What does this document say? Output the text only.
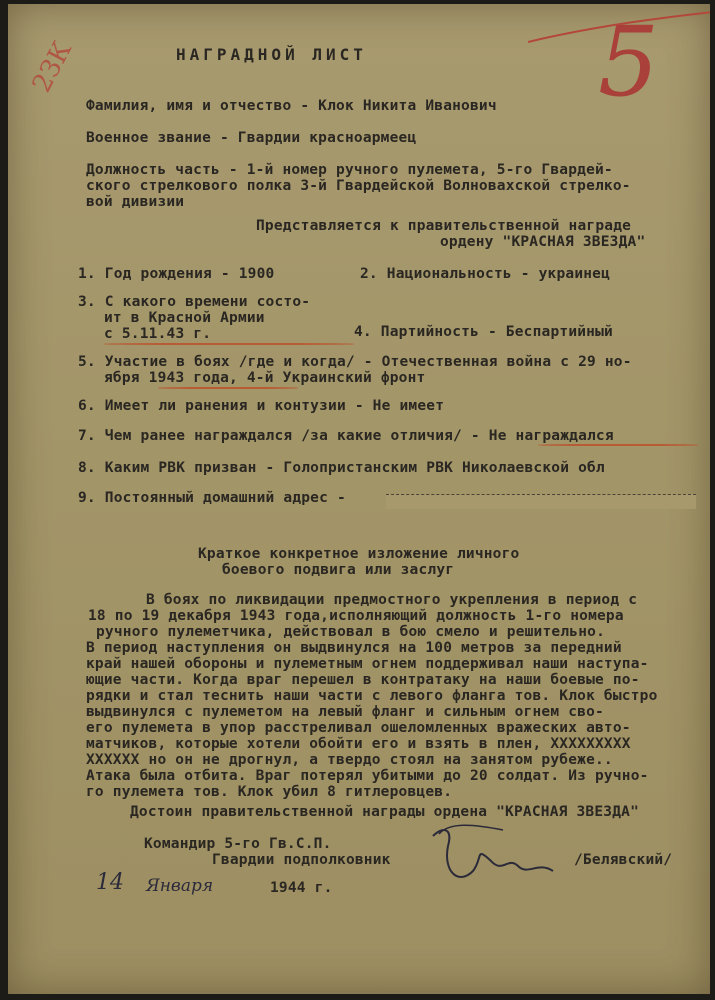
НАГРАДНОЙ ЛИСТ
2ЗК	5
Фамилия, имя и отчество - Клок Никита Иванович
Военное звание - Гвардии красноармеец
Должность часть - 1-й номер ручного пулемета, 5-го Гвардей-
ского стрелкового полка 3-й Гвардейской Волновахской стрелко-
вой дивизии
Представляется к правительственной награде
ордену "КРАСНАЯ ЗВЕЗДА"
1. Год рождения - 1900	2. Национальность - украинец
3. С какого времени состо-
ит в Красной Армии
с 5.11.43 г.	4. Партийность - Беспартийный
5. Участие в боях /где и когда/ - Отечественная война с 29 но-
ября 1943 года, 4-й Украинский фронт
6. Имеет ли ранения и контузии - Не имеет
7. Чем ранее награждался /за какие отличия/ - Не награждался
8. Каким РВК призван - Голопристанским РВК Николаевской обл
9. Постоянный домашний адрес -
Краткое конкретное изложение личного
боевого подвига или заслуг
В боях по ликвидации предмостного укрепления в период с
18 по 19 декабря 1943 года,исполняющий должность 1-го номера
ручного пулеметчика, действовал в бою смело и решительно.
В период наступления он выдвинулся на 100 метров за передний
край нашей обороны и пулеметным огнем поддерживал наши наступа-
ющие части. Когда враг перешел в контратаку на наши боевые по-
рядки и стал теснить наши части с левого фланга тов. Клок быстро
выдвинулся с пулеметом на левый фланг и сильным огнем сво-
его пулемета в упор расстреливал ошеломленных вражеских авто-
матчиков, которые хотели обойти его и взять в плен, ХХХХХХХХХ
ХХХХХХ но он не дрогнул, а твердо стоял на занятом рубеже..
Атака была отбита. Враг потерял убитыми до 20 солдат. Из ручно-
го пулемета тов. Клок убил 8 гитлеровцев.
Достоин правительственной награды ордена "КРАСНАЯ ЗВЕЗДА"
Командир 5-го Гв.С.П.
Гвардии подполковник	/Белявский/
14 Января	1944 г.
